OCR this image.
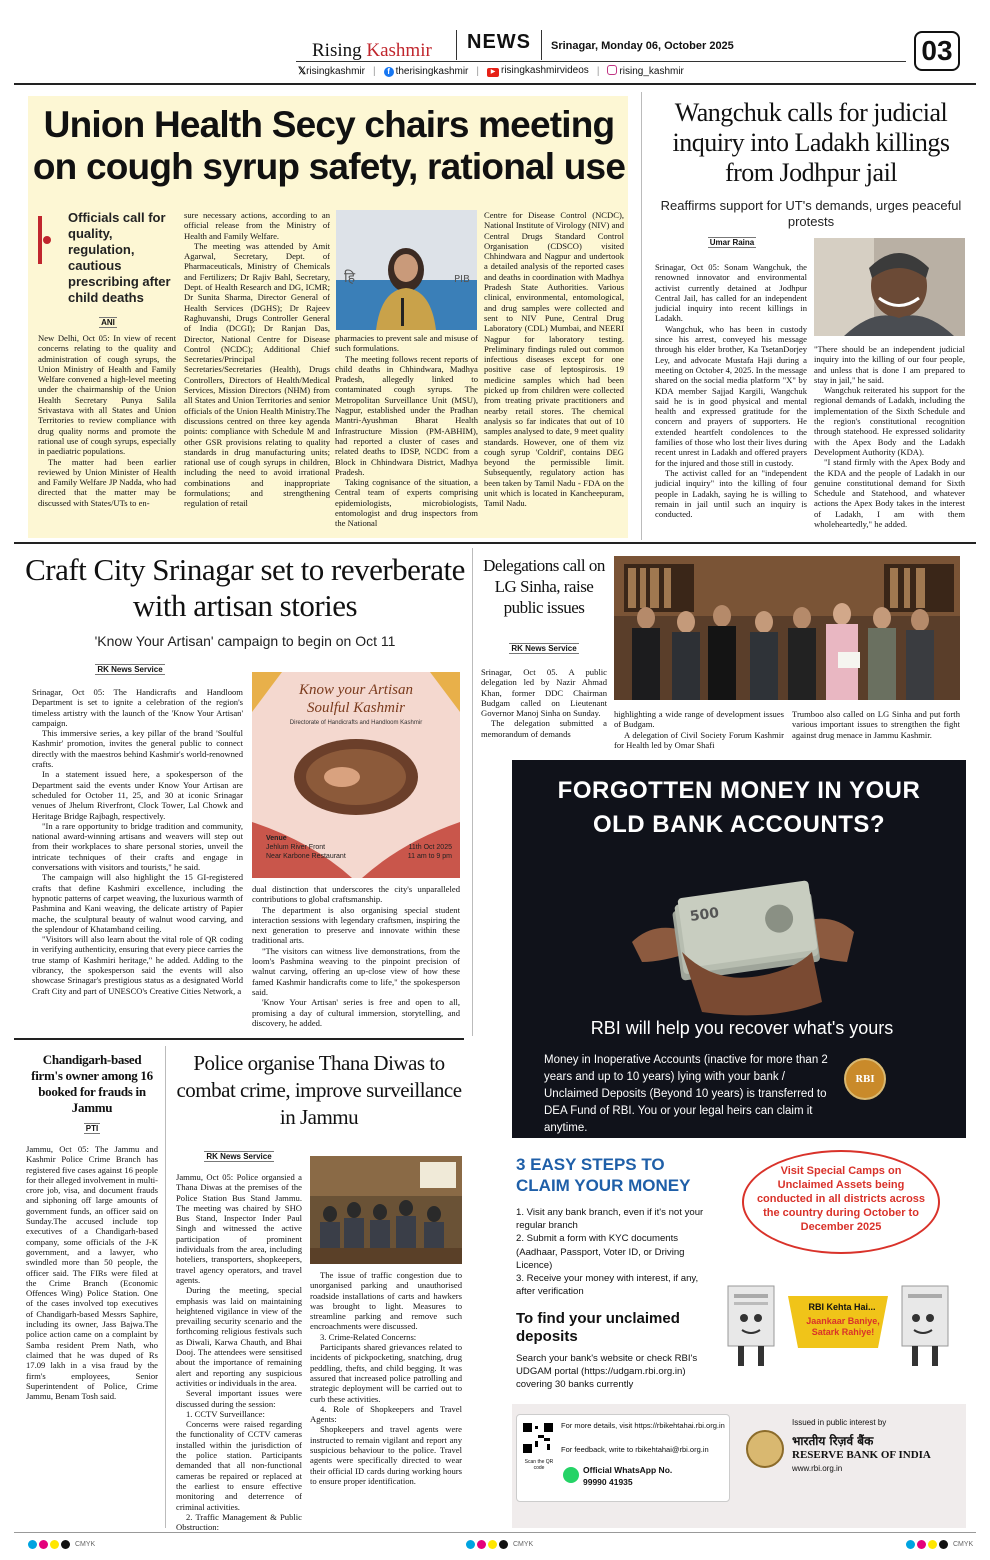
Rising Kashmir NEWS Srinagar, Monday 06, October 2025	03
𝕏risingkashmir |	f therisingkashmir |	▶ risingkashmirvideos |	rising_kashmir
Union Health Secy chairs meeting on cough syrup safety, rational use
Officials call for quality, regulation, cautious prescribing after child deaths
ANI

New Delhi, Oct 05: In view of recent concerns relating to the quality and administration of cough syrups, the Union Ministry of Health and Family Welfare convened a high-level meeting under the chairmanship of the Union Health Secretary Punya Salila Srivastava with all States and Union Territories to review compliance with drug quality norms and promote the rational use of cough syrups, especially in paediatric populations.

The matter had been earlier reviewed by Union Minister of Health and Family Welfare JP Nadda, who had directed that the matter may be discussed with States/UTs to en-

sure necessary actions, according to an official release from the Ministry of Health and Family Welfare.

The meeting was attended by Amit Agarwal, Secretary, Dept. of Pharmaceuticals, Ministry of Chemicals and Fertilizers; Dr Rajiv Bahl, Secretary, Dept. of Health Research and DG, ICMR; Dr Sunita Sharma, Director General of Health Services (DGHS); Dr Rajeev Raghuvanshi, Drugs Controller General of India (DCGI); Dr Ranjan Das, Director, National Centre for Disease Control (NCDC); Additional Chief Secretaries/Principal Secretaries/Secretaries (Health), Drugs Controllers, Directors of Health/Medical Services, Mission Directors (NHM) from all States and Union Territories and senior officials of the Union Health Ministry.The discussions centred on three key agenda points: compliance with Schedule M and other GSR provisions relating to quality standards in drug manufacturing units; rational use of cough syrups in children, including the need to avoid irrational combinations and inappropriate formulations; and strengthening regulation of retail

हि	PIB

pharmacies to prevent sale and misuse of such formulations.

The meeting follows recent reports of child deaths in Chhindwara, Madhya Pradesh, allegedly linked to contaminated cough syrups. The Metropolitan Surveillance Unit (MSU), Nagpur, established under the Pradhan Mantri-Ayushman Bharat Health Infrastructure Mission (PM-ABHIM), had reported a cluster of cases and related deaths to IDSP, NCDC from a Block in Chhindwara District, Madhya Pradesh.

Taking cognisance of the situation, a Central team of experts comprising epidemiologists, microbiologists, entomologist and drug inspectors from the National

Centre for Disease Control (NCDC), National Institute of Virology (NIV) and Central Drugs Standard Control Organisation (CDSCO) visited Chhindwara and Nagpur and undertook a detailed analysis of the reported cases and deaths in coordination with Madhya Pradesh State Authorities. Various clinical, environmental, entomological, and drug samples were collected and sent to NIV Pune, Central Drug Laboratory (CDL) Mumbai, and NEERI Nagpur for laboratory testing. Preliminary findings ruled out common infectious diseases except for one positive case of leptospirosis. 19 medicine samples which had been picked up from children were collected from treating private practitioners and nearby retail stores. The chemical analysis so far indicates that out of 10 samples analysed to date, 9 meet quality standards. However, one of them viz cough syrup 'Coldrif', contains DEG beyond the permissible limit. Subsequently, regulatory action has been taken by Tamil Nadu - FDA on the unit which is located in Kancheepuram, Tamil Nadu.

Wangchuk calls for judicial inquiry into Ladakh killings from Jodhpur jail
Reaffirms support for UT's demands, urges peaceful protests
Umar Raina

Srinagar, Oct 05: Sonam Wangchuk, the renowned innovator and environmental activist currently detained at Jodhpur Central Jail, has called for an independent judicial inquiry into recent killings in Ladakh.

Wangchuk, who has been in custody since his arrest, conveyed his message through his elder brother, Ka TsetanDorjey Ley, and advocate Mustafa Haji during a meeting on October 4, 2025. In the message shared on the social media platform "X" by KDA member Sajjad Kargili, Wangchuk said he is in good physical and mental health and expressed gratitude for the concern and prayers of supporters. He extended heartfelt condolences to the families of those who lost their lives during recent unrest in Ladakh and offered prayers for the injured and those still in custody.

The activist called for an "independent judicial inquiry" into the killing of four people in Ladakh, saying he is willing to remain in jail until such an inquiry is conducted.

"There should be an independent judicial inquiry into the killing of our four people, and unless that is done I am prepared to stay in jail," he said.

Wangchuk reiterated his support for the regional demands of Ladakh, including the implementation of the Sixth Schedule and the region's constitutional recognition through statehood. He expressed solidarity with the Apex Body and the Ladakh Development Authority (KDA).

"I stand firmly with the Apex Body and the KDA and the people of Ladakh in our genuine constitutional demand for Sixth Schedule and Statehood, and whatever actions the Apex Body takes in the interest of Ladakh, I am with them wholeheartedly," he added.

Craft City Srinagar set to reverberate with artisan stories
'Know Your Artisan' campaign to begin on Oct 11
RK News Service

Srinagar, Oct 05: The Handicrafts and Handloom Department is set to ignite a celebration of the region's timeless artistry with the launch of the 'Know Your Artisan' campaign.

This immersive series, a key pillar of the brand 'Soulful Kashmir' promotion, invites the general public to connect directly with the maestros behind Kashmir's world-renowned crafts.

In a statement issued here, a spokesperson of the Department said the events under Know Your Artisan are scheduled for October 11, 25, and 30 at iconic Srinagar venues of Jhelum Riverfront, Clock Tower, Lal Chowk and Heritage Bridge Rajbagh, respectively.

"In a rare opportunity to bridge tradition and community, national award-winning artisans and weavers will step out from their workplaces to share personal stories, unveil the intricate techniques of their crafts and engage in conversations with visitors and tourists," he said.

The campaign will also highlight the 15 GI-registered crafts that define Kashmiri excellence, including the hypnotic patterns of carpet weaving, the luxurious warmth of Pashmina and Kani weaving, the delicate artistry of Papier mache, the sculptural beauty of walnut wood carving, and the splendour of Khatamband ceiling.

"Visitors will also learn about the vital role of QR coding in verifying authenticity, ensuring that every piece carries the true stamp of Kashmiri heritage," he added. Adding to the vibrancy, the spokesperson said the events will also showcase Srinagar's prestigious status as a designated World Craft City and part of UNESCO's Creative Cities Network, a

Know your Artisan
Soulful Kashmir
Directorate of Handicrafts and Handloom Kashmir
Venue
Jehlum River Front
Near Karbone Restaurant
11th Oct 2025
11 am to 9 pm

dual distinction that underscores the city's unparalleled contributions to global craftsmanship.

The department is also organising special student interaction sessions with legendary craftsmen, inspiring the next generation to preserve and innovate within these traditional arts.

"The visitors can witness live demonstrations, from the loom's Pashmina weaving to the pinpoint precision of walnut carving, offering an up-close view of how these famed Kashmir handicrafts come to life," the spokesperson said.

'Know Your Artisan' series is free and open to all, promising a day of cultural immersion, storytelling, and discovery, he added.

Delegations call on LG Sinha, raise public issues
RK News Service

Srinagar, Oct 05. A public delegation led by Nazir Ahmad Khan, former DDC Chairman Budgam called on Lieutenant Governor Manoj Sinha on Sunday.

The delegation submitted a memorandum of demands

highlighting a wide range of development issues of Budgam.

A delegation of Civil Society Forum Kashmir for Health led by Omar Shafi

Trumboo also called on LG Sinha and put forth various important issues to strengthen the fight against drug menace in Jammu Kashmir.

FORGOTTEN MONEY IN YOUR OLD BANK ACCOUNTS?
500
RBI will help you recover what's yours
Money in Inoperative Accounts (inactive for more than 2 years and up to 10 years) lying with your bank / Unclaimed Deposits (Beyond 10 years) is transferred to DEA Fund of RBI. You or your legal heirs can claim it anytime.
RBI
3 EASY STEPS TO CLAIM YOUR MONEY
1. Visit any bank branch, even if it's not your regular branch
2. Submit a form with KYC documents (Aadhaar, Passport, Voter ID, or Driving Licence)
3. Receive your money with interest, if any, after verification
To find your unclaimed deposits
Search your bank's website or check RBI's UDGAM portal (https://udgam.rbi.org.in) covering 30 banks currently
Visit Special Camps on Unclaimed Assets being conducted in all districts across the country during October to December 2025
RBI Kehta Hai...
Jaankaar Baniye, Satark Rahiye!
Scan the QR code
For more details, visit https://rbikehtahai.rbi.org.in
For feedback, write to rbikehtahai@rbi.org.in
Official WhatsApp No.
99990 41935
Issued in public interest by
भारतीय रिज़र्व बैंक
RESERVE BANK OF INDIA
www.rbi.org.in
Chandigarh-based firm's owner among 16 booked for frauds in Jammu
PTI

Jammu, Oct 05: The Jammu and Kashmir Police Crime Branch has registered five cases against 16 people for their alleged involvement in multi-crore job, visa, and document frauds and siphoning off large amounts of government funds, an officer said on Sunday.The accused include top executives of a Chandigarh-based company, some officials of the J-K government, and a lawyer, who swindled more than 50 people, the officer said. The FIRs were filed at the Crime Branch (Economic Offences Wing) Police Station. One of the cases involved top executives of Chandigarh-based Messrs Saphire, including its owner, Jass Bajwa.The police action came on a complaint by Samba resident Prem Nath, who claimed that he was duped of Rs 17.09 lakh in a visa fraud by the firm's employees, Senior Superintendent of Police, Crime Jammu, Benam Tosh said.

Police organise Thana Diwas to combat crime, improve surveillance in Jammu
RK News Service

Jammu, Oct 05: Police organsied a Thana Diwas at the premises of the Police Station Bus Stand Jammu. The meeting was chaired by SHO Bus Stand, Inspector Inder Paul Singh and witnessed the active participation of prominent individuals from the area, including hoteliers, transporters, shopkeepers, travel agency operators, and travel agents.

During the meeting, special emphasis was laid on maintaining heightened vigilance in view of the prevailing security scenario and the forthcoming religious festivals such as Diwali, Karwa Chauth, and Bhai Dooj. The attendees were sensitised about the importance of remaining alert and reporting any suspicious activities or individuals in the area.

Several important issues were discussed during the session:

1. CCTV Surveillance:

Concerns were raised regarding the functionality of CCTV cameras installed within the jurisdiction of the police station. Participants demanded that all non-functional cameras be repaired or replaced at the earliest to ensure effective monitoring and deterrence of criminal activities.

2. Traffic Management & Public Obstruction:

The issue of traffic congestion due to unorganised parking and unauthorised roadside installations of carts and hawkers was brought to light. Measures to streamline parking and remove such encroachments were discussed.

3. Crime-Related Concerns:

Participants shared grievances related to incidents of pickpocketing, snatching, drug peddling, thefts, and child begging. It was assured that increased police patrolling and strategic deployment will be carried out to curb these activities.

4. Role of Shopkeepers and Travel Agents:

Shopkeepers and travel agents were instructed to remain vigilant and report any suspicious behaviour to the police. Travel agents were specifically directed to wear their official ID cards during working hours to ensure proper identification.

CMYK	CMYK	CMYK
